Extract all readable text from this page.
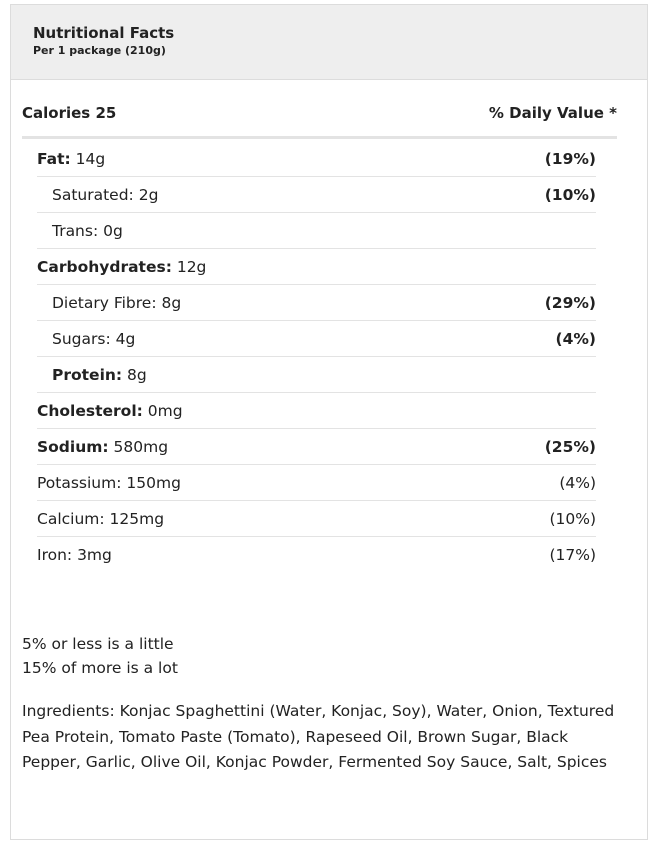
Nutritional Facts
Per 1 package (210g)
Calories 25	% Daily Value *
Fat: 14g	(19%)
Saturated: 2g	(10%)
Trans: 0g
Carbohydrates: 12g
Dietary Fibre: 8g	(29%)
Sugars: 4g	(4%)
Protein: 8g
Cholesterol: 0mg
Sodium: 580mg	(25%)
Potassium: 150mg	(4%)
Calcium: 125mg	(10%)
Iron: 3mg	(17%)
5% or less is a little
15% of more is a lot
Ingredients: Konjac Spaghettini (Water, Konjac, Soy), Water, Onion, Textured Pea Protein, Tomato Paste (Tomato), Rapeseed Oil, Brown Sugar, Black Pepper, Garlic, Olive Oil, Konjac Powder, Fermented Soy Sauce, Salt, Spices
